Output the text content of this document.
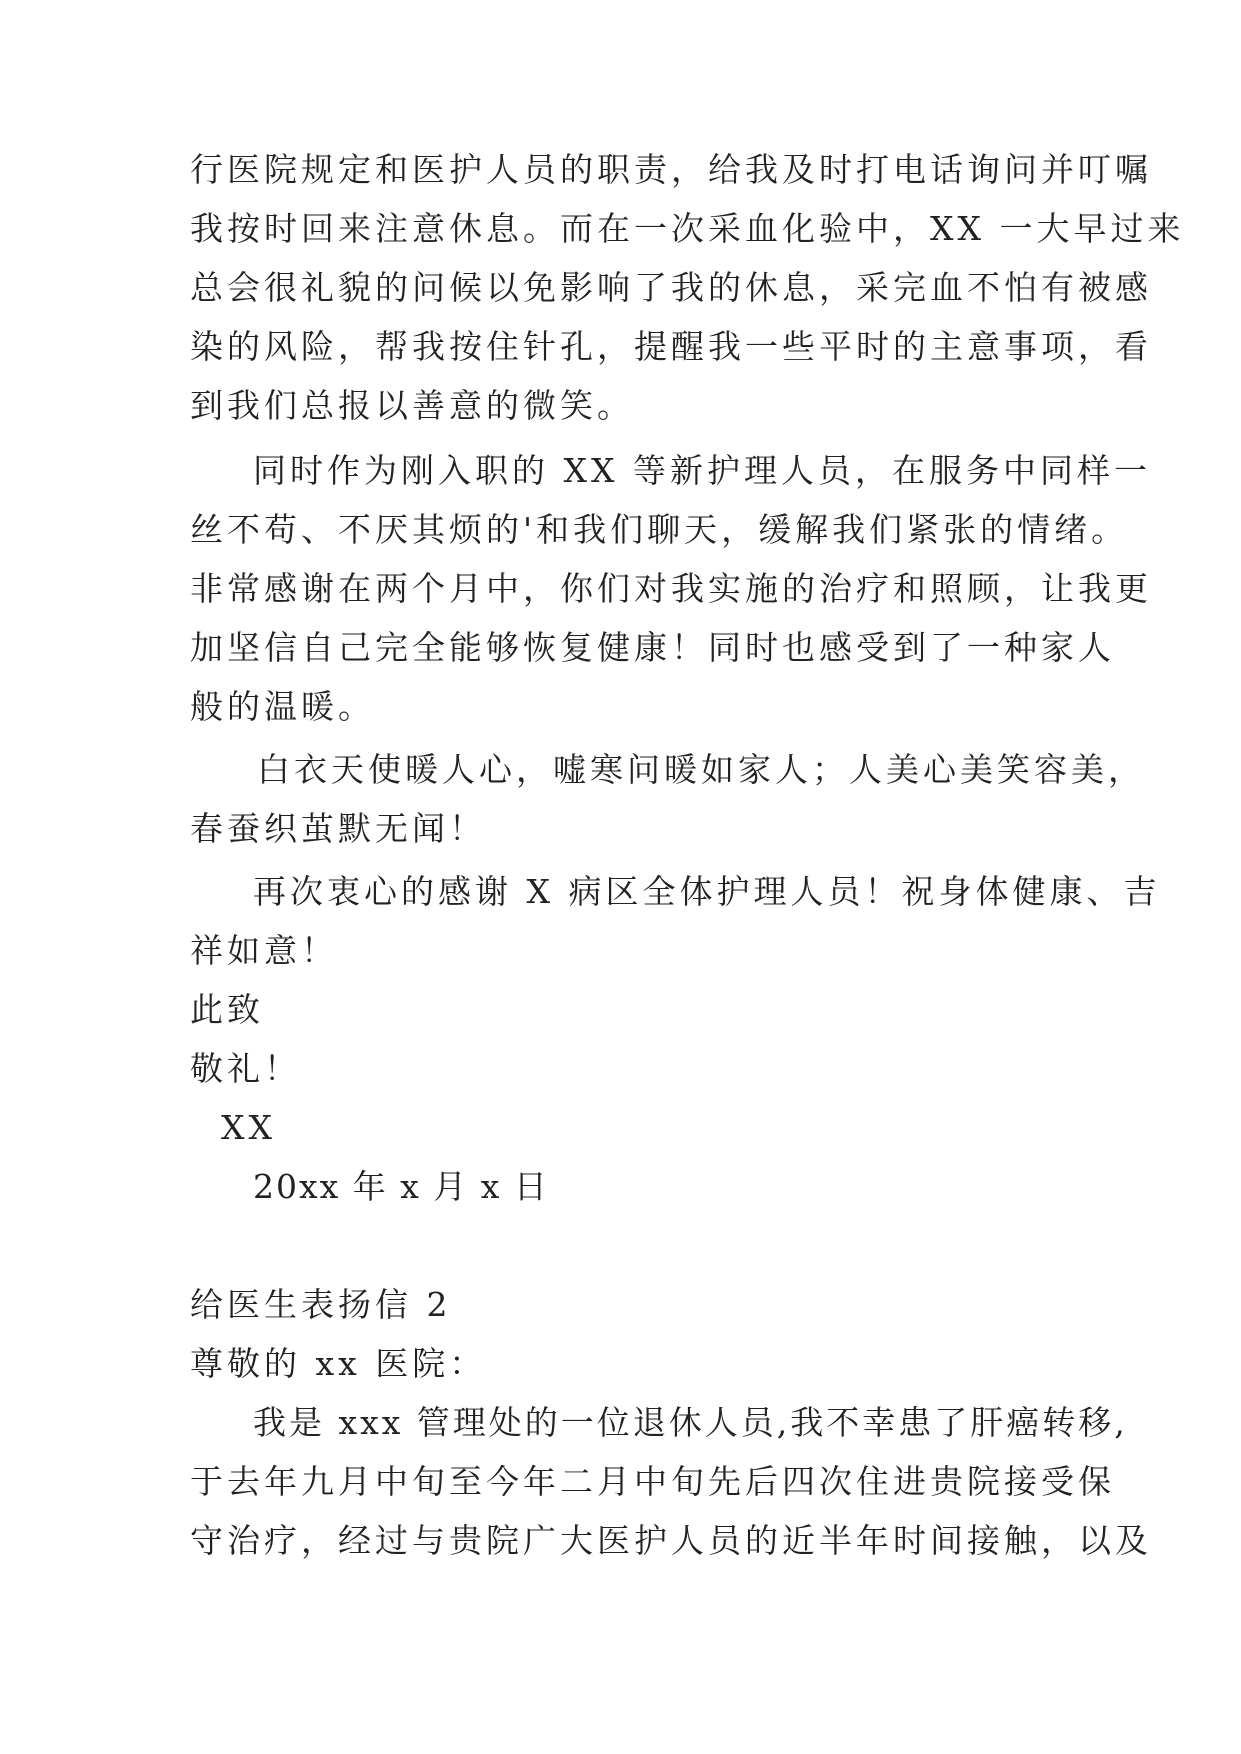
行医院规定和医护人员的职责，给我及时打电话询问并叮嘱
我按时回来注意休息。而在一次采血化验中，XX 一大早过来
总会很礼貌的问候以免影响了我的休息，采完血不怕有被感
染的风险，帮我按住针孔，提醒我一些平时的主意事项，看
到我们总报以善意的微笑。
同时作为刚入职的 XX 等新护理人员，在服务中同样一
丝不苟、不厌其烦的'和我们聊天，缓解我们紧张的情绪。
非常感谢在两个月中，你们对我实施的治疗和照顾，让我更
加坚信自己完全能够恢复健康！同时也感受到了一种家人
般的温暖。
白衣天使暖人心，嘘寒问暖如家人；人美心美笑容美，
春蚕织茧默无闻！
再次衷心的感谢 X 病区全体护理人员！祝身体健康、吉
祥如意！
此致
敬礼！
XX
20xx 年 x 月 x 日
给医生表扬信 2
尊敬的 xx 医院：
我是 xxx 管理处的一位退休人员,我不幸患了肝癌转移,
于去年九月中旬至今年二月中旬先后四次住进贵院接受保
守治疗，经过与贵院广大医护人员的近半年时间接触，以及
